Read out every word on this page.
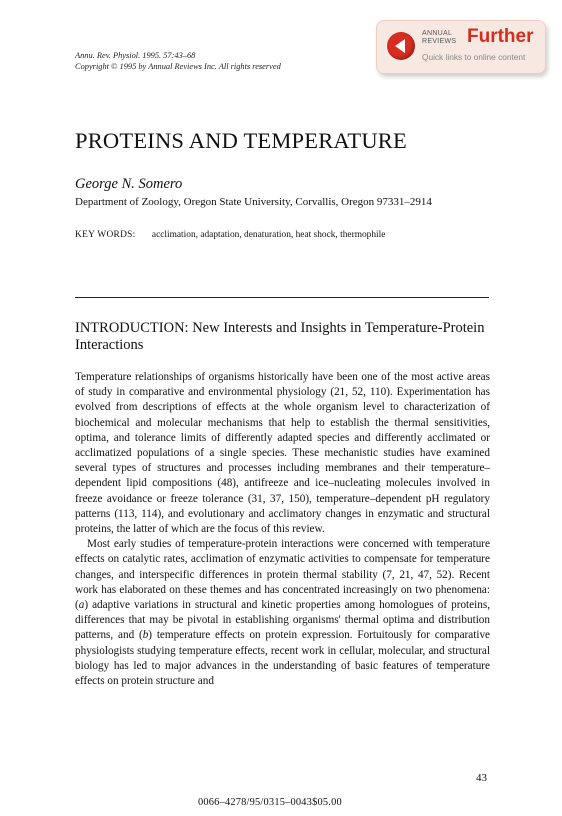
Annu. Rev. Physiol. 1995. 57:43–68
Copyright © 1995 by Annual Reviews Inc. All rights reserved
ANNUAL
REVIEWS Further
Quick links to online content
PROTEINS AND TEMPERATURE
George N. Somero
Department of Zoology, Oregon State University, Corvallis, Oregon 97331–2914
KEY WORDS: acclimation, adaptation, denaturation, heat shock, thermophile
INTRODUCTION: New Interests and Insights in Temperature-Protein Interactions

Temperature relationships of organisms historically have been one of the most active areas of study in comparative and environmental physiology (21, 52, 110). Experimentation has evolved from descriptions of effects at the whole organism level to characterization of biochemical and molecular mechanisms that help to establish the thermal sensitivities, optima, and tolerance limits of differently adapted species and differently acclimated or acclimatized populations of a single species. These mechanistic studies have examined several types of structures and processes including membranes and their temperature–dependent lipid compositions (48), antifreeze and ice–nucleating molecules involved in freeze avoidance or freeze tolerance (31, 37, 150), temperature–dependent pH regulatory patterns (113, 114), and evolutionary and acclimatory changes in enzymatic and structural proteins, the latter of which are the focus of this review.

Most early studies of temperature-protein interactions were concerned with temperature effects on catalytic rates, acclimation of enzymatic activities to compensate for temperature changes, and interspecific differences in protein thermal stability (7, 21, 47, 52). Recent work has elaborated on these themes and has concentrated increasingly on two phenomena: (a) adaptive variations in structural and kinetic properties among homologues of proteins, differences that may be pivotal in establishing organisms' thermal optima and distribution patterns, and (b) temperature effects on protein expression. Fortuitously for comparative physiologists studying temperature effects, recent work in cellular, molecular, and structural biology has led to major advances in the understanding of basic features of temperature effects on protein structure and

43
0066–4278/95/0315–0043$05.00
